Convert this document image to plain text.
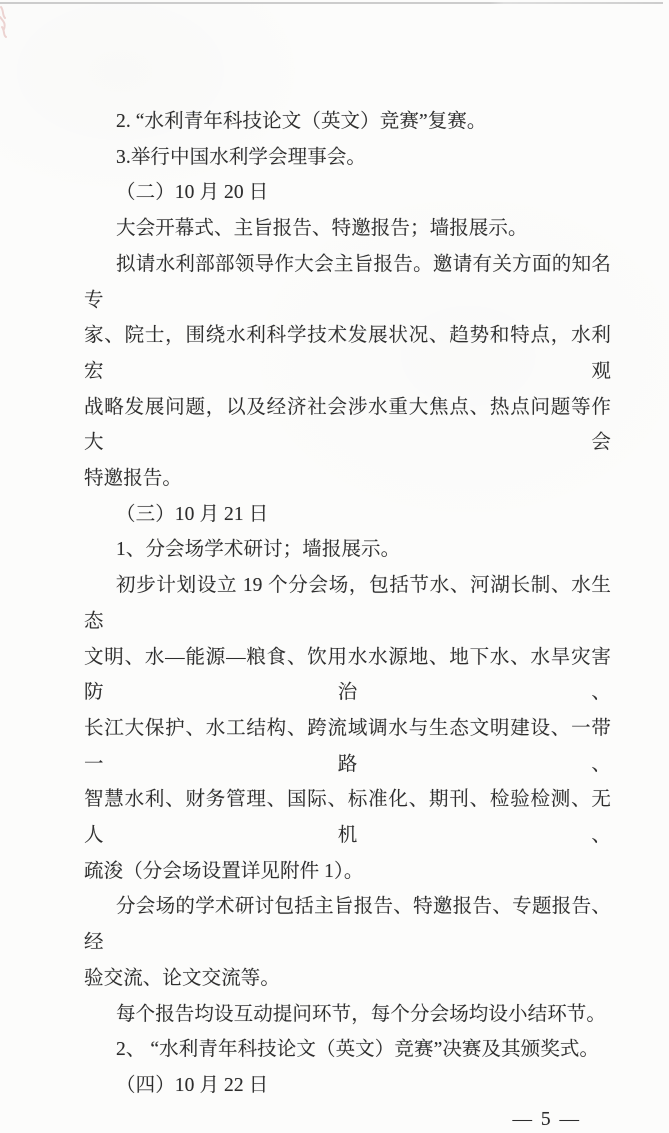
2. “水利青年科技论文（英文）竞赛”复赛。

3.举行中国水利学会理事会。

（二）10 月 20 日

大会开幕式、主旨报告、特邀报告；墙报展示。

拟请水利部部领导作大会主旨报告。邀请有关方面的知名专

家、院士，围绕水利科学技术发展状况、趋势和特点，水利宏观

战略发展问题，以及经济社会涉水重大焦点、热点问题等作大会

特邀报告。

（三）10 月 21 日

1、分会场学术研讨；墙报展示。

初步计划设立 19 个分会场，包括节水、河湖长制、水生态

文明、水—能源—粮食、饮用水水源地、地下水、水旱灾害防治、

长江大保护、水工结构、跨流域调水与生态文明建设、一带一路、

智慧水利、财务管理、国际、标准化、期刊、检验检测、无人机、

疏浚（分会场设置详见附件 1）。

分会场的学术研讨包括主旨报告、特邀报告、专题报告、经

验交流、论文交流等。

每个报告均设互动提问环节，每个分会场均设小结环节。

2、 “水利青年科技论文（英文）竞赛”决赛及其颁奖式。

（四）10 月 22 日

— 5 —
